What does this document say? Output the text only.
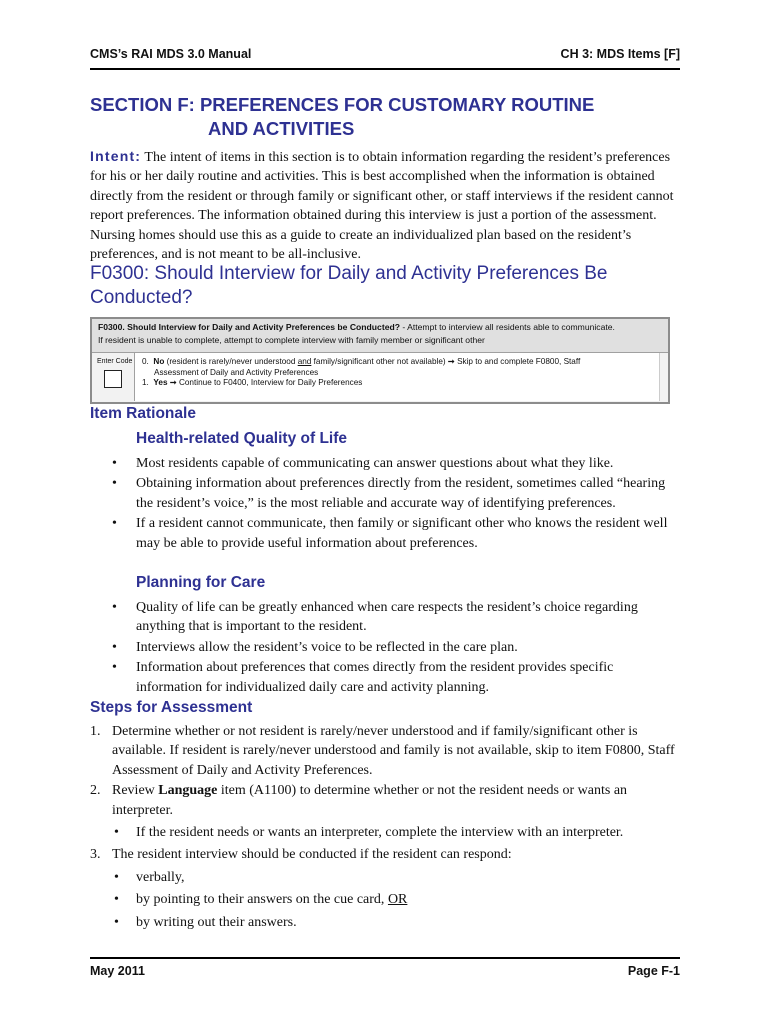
CMS’s RAI MDS 3.0 Manual	CH 3: MDS Items [F]
SECTION F: PREFERENCES FOR CUSTOMARY ROUTINE
AND ACTIVITIES
Intent: The intent of items in this section is to obtain information regarding the resident’s preferences for his or her daily routine and activities. This is best accomplished when the information is obtained directly from the resident or through family or significant other, or staff interviews if the resident cannot report preferences. The information obtained during this interview is just a portion of the assessment. Nursing homes should use this as a guide to create an individualized plan based on the resident’s preferences, and is not meant to be all-inclusive.
F0300: Should Interview for Daily and Activity Preferences Be Conducted?
F0300. Should Interview for Daily and Activity Preferences be Conducted? - Attempt to interview all residents able to communicate.
If resident is unable to complete, attempt to complete interview with family member or significant other
Enter Code 0. No (resident is rarely/never understood and family/significant other not available) ➞ Skip to and complete F0800, Staff
Assessment of Daily and Activity Preferences
1. Yes ➞ Continue to F0400, Interview for Daily Preferences
Item Rationale
Health-related Quality of Life
• Most residents capable of communicating can answer questions about what they like.
• Obtaining information about preferences directly from the resident, sometimes called “hearing the resident’s voice,” is the most reliable and accurate way of identifying preferences.
• If a resident cannot communicate, then family or significant other who knows the resident well may be able to provide useful information about preferences.
Planning for Care
• Quality of life can be greatly enhanced when care respects the resident’s choice regarding anything that is important to the resident.
• Interviews allow the resident’s voice to be reflected in the care plan.
• Information about preferences that comes directly from the resident provides specific information for individualized daily care and activity planning.
Steps for Assessment
1. Determine whether or not resident is rarely/never understood and if family/significant other is available. If resident is rarely/never understood and family is not available, skip to item F0800, Staff Assessment of Daily and Activity Preferences.
2. Review Language item (A1100) to determine whether or not the resident needs or wants an interpreter.
• If the resident needs or wants an interpreter, complete the interview with an interpreter.
3. The resident interview should be conducted if the resident can respond:
• verbally,
• by pointing to their answers on the cue card, OR
• by writing out their answers.
May 2011	Page F-1
